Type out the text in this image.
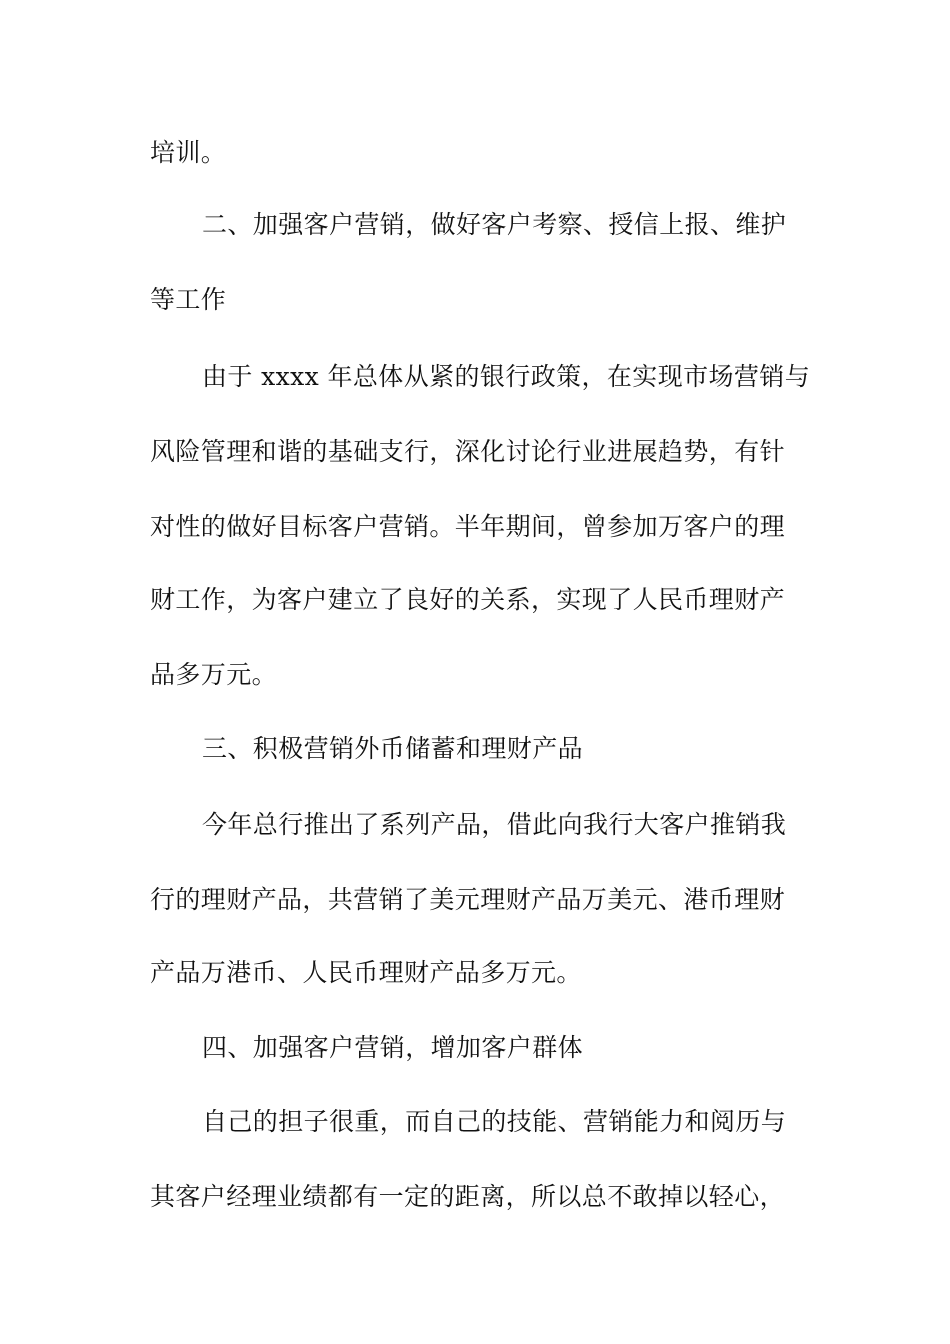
培训。
二、加强客户营销，做好客户考察、授信上报、维护
等工作
由于 xxxx 年总体从紧的银行政策，在实现市场营销与
风险管理和谐的基础支行，深化讨论行业进展趋势，有针
对性的做好目标客户营销。半年期间，曾参加万客户的理
财工作，为客户建立了良好的关系，实现了人民币理财产
品多万元。
三、积极营销外币储蓄和理财产品
今年总行推出了系列产品，借此向我行大客户推销我
行的理财产品，共营销了美元理财产品万美元、港币理财
产品万港币、人民币理财产品多万元。
四、加强客户营销，增加客户群体
自己的担子很重，而自己的技能、营销能力和阅历与
其客户经理业绩都有一定的距离，所以总不敢掉以轻心，
